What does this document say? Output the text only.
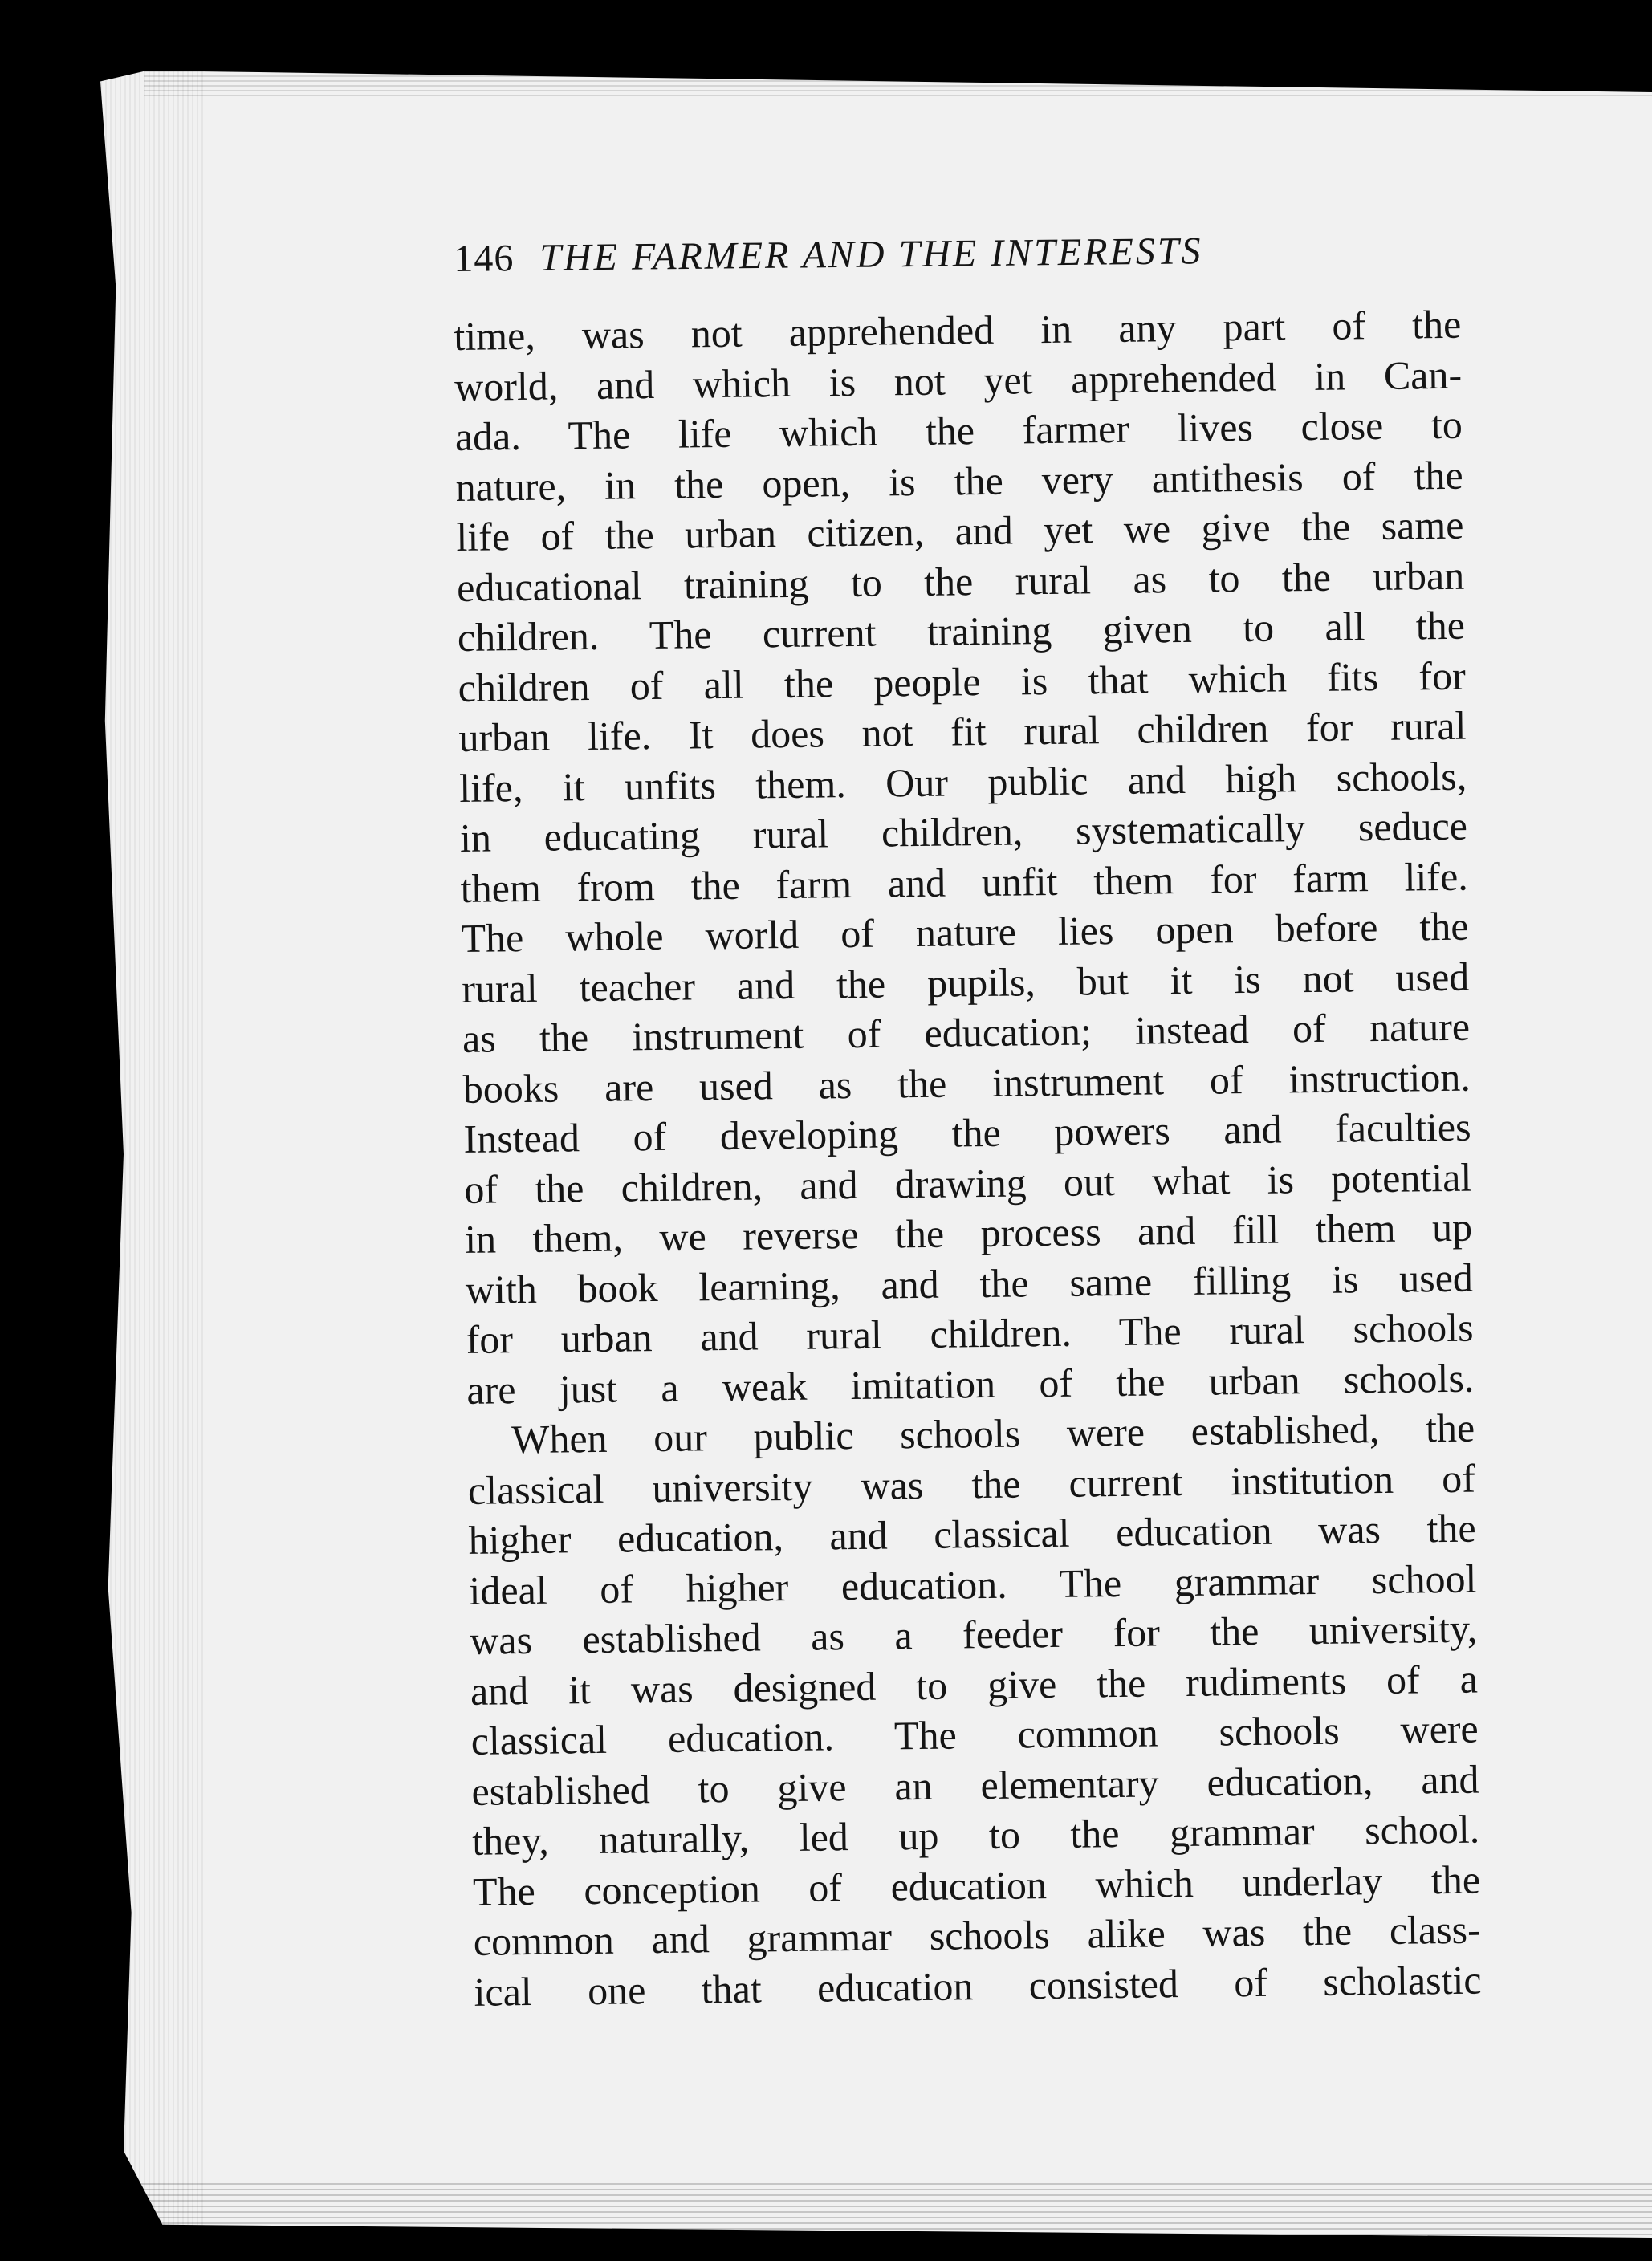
146 THE FARMER AND THE INTERESTS
time, was not apprehended in any part of the
world, and which is not yet apprehended in Can-
ada. The life which the farmer lives close to
nature, in the open, is the very antithesis of the
life of the urban citizen, and yet we give the same
educational training to the rural as to the urban
children. The current training given to all the
children of all the people is that which fits for
urban life. It does not fit rural children for rural
life, it unfits them. Our public and high schools,
in educating rural children, systematically seduce
them from the farm and unfit them for farm life.
The whole world of nature lies open before the
rural teacher and the pupils, but it is not used
as the instrument of education; instead of nature
books are used as the instrument of instruction.
Instead of developing the powers and faculties
of the children, and drawing out what is potential
in them, we reverse the process and fill them up
with book learning, and the same filling is used
for urban and rural children. The rural schools
are just a weak imitation of the urban schools.
When our public schools were established, the
classical university was the current institution of
higher education, and classical education was the
ideal of higher education. The grammar school
was established as a feeder for the university,
and it was designed to give the rudiments of a
classical education. The common schools were
established to give an elementary education, and
they, naturally, led up to the grammar school.
The conception of education which underlay the
common and grammar schools alike was the class-
ical one that education consisted of scholastic
